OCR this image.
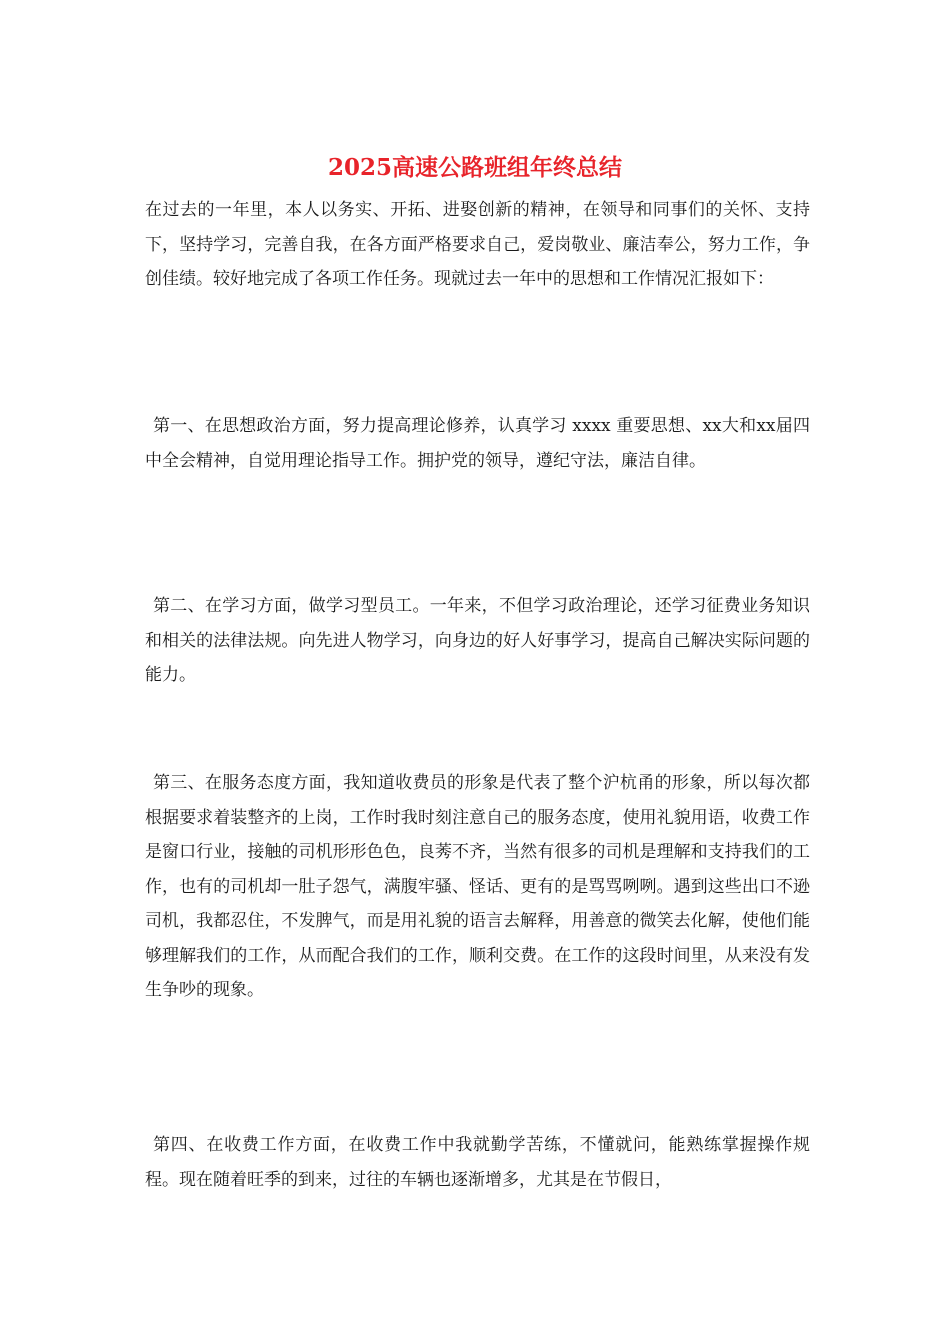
2025高速公路班组年终总结

在过去的一年里，本人以务实、开拓、进娶创新的精神，在领导和同事们的关怀、支持下，坚持学习，完善自我，在各方面严格要求自己，爱岗敬业、廉洁奉公，努力工作，争创佳绩。较好地完成了各项工作任务。现就过去一年中的思想和工作情况汇报如下：

第一、在思想政治方面，努力提高理论修养，认真学习 xxxx 重要思想、xx大和xx届四中全会精神，自觉用理论指导工作。拥护党的领导，遵纪守法，廉洁自律。

第二、在学习方面，做学习型员工。一年来，不但学习政治理论，还学习征费业务知识和相关的法律法规。向先进人物学习，向身边的好人好事学习，提高自己解决实际问题的能力。

第三、在服务态度方面，我知道收费员的形象是代表了整个沪杭甬的形象，所以每次都根据要求着装整齐的上岗，工作时我时刻注意自己的服务态度，使用礼貌用语，收费工作是窗口行业，接触的司机形形色色，良莠不齐，当然有很多的司机是理解和支持我们的工作，也有的司机却一肚子怨气，满腹牢骚、怪话、更有的是骂骂咧咧。遇到这些出口不逊司机，我都忍住，不发脾气，而是用礼貌的语言去解释，用善意的微笑去化解，使他们能够理解我们的工作，从而配合我们的工作，顺利交费。在工作的这段时间里，从来没有发生争吵的现象。

第四、在收费工作方面，在收费工作中我就勤学苦练，不懂就问，能熟练掌握操作规程。现在随着旺季的到来，过往的车辆也逐渐增多，尤其是在节假日，
